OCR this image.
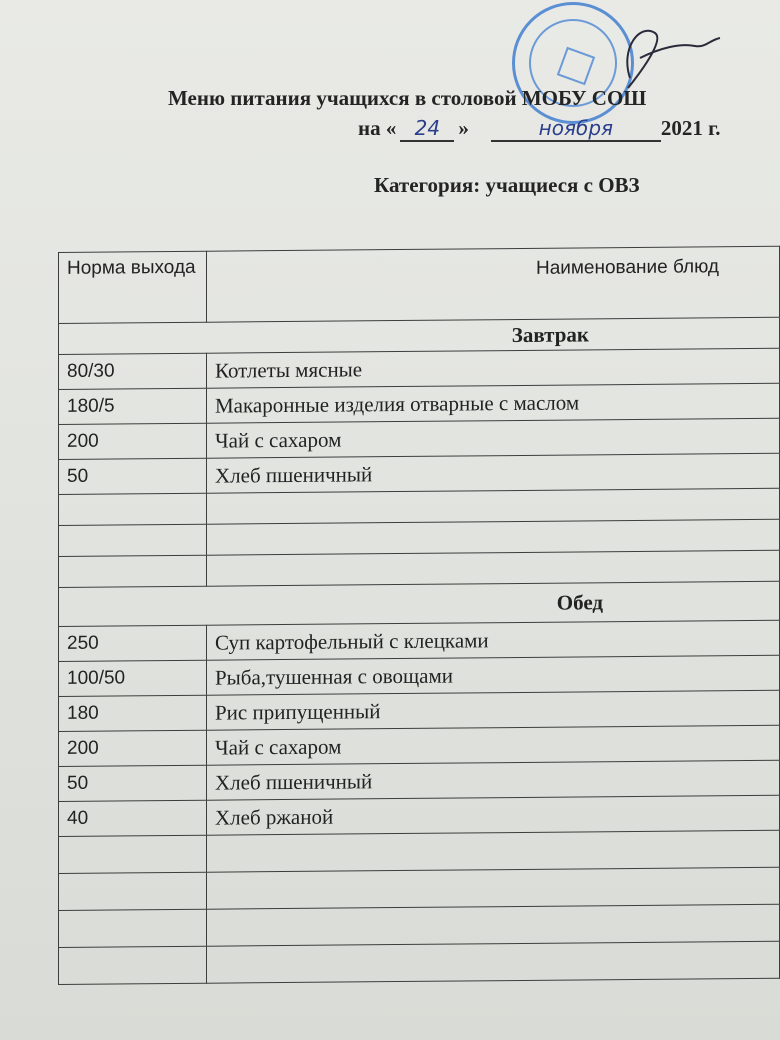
Меню питания учащихся в столовой МОБУ СОШ
на « 24 »	ноября 2021 г.
Категория: учащиеся с ОВЗ
Норма выхода	Наименование блюд
Завтрак	
80/30	Котлеты мясные
180/5	Макаронные изделия отварные с маслом
200	Чай с сахаром
50	Хлеб пшеничный

Обед	
250	Суп картофельный с клецками
100/50	Рыба,тушенная с овощами
180	Рис припущенный
200	Чай с сахаром
50	Хлеб пшеничный
40	Хлеб ржаной
